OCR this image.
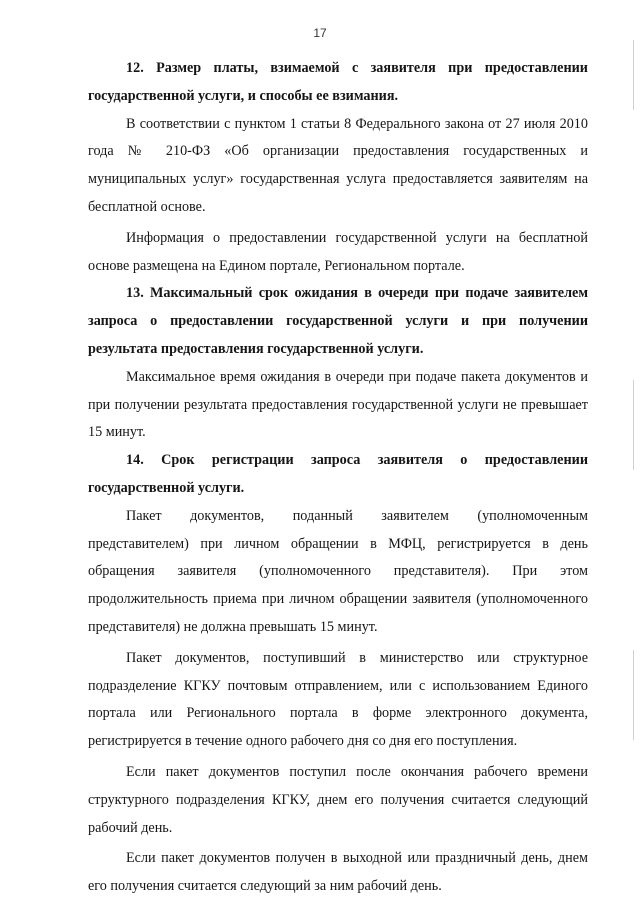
17

12. Размер платы, взимаемой с заявителя при предоставлении государственной услуги, и способы ее взимания.

В соответствии с пунктом 1 статьи 8 Федерального закона от 27 июля 2010 года № 210-ФЗ «Об организации предоставления государственных и муниципальных услуг» государственная услуга предоставляется заявителям на бесплатной основе.

Информация о предоставлении государственной услуги на бесплатной основе размещена на Едином портале, Региональном портале.

13. Максимальный срок ожидания в очереди при подаче заявителем запроса о предоставлении государственной услуги и при получении результата предоставления государственной услуги.

Максимальное время ожидания в очереди при подаче пакета документов и при получении результата предоставления государственной услуги не превышает 15 минут.

14. Срок регистрации запроса заявителя о предоставлении государственной услуги.

Пакет документов, поданный заявителем (уполномоченным представителем) при личном обращении в МФЦ, регистрируется в день обращения заявителя (уполномоченного представителя). При этом продолжительность приема при личном обращении заявителя (уполномоченного представителя) не должна превышать 15 минут.

Пакет документов, поступивший в министерство или структурное подразделение КГКУ почтовым отправлением, или с использованием Единого портала или Регионального портала в форме электронного документа, регистрируется в течение одного рабочего дня со дня его поступления.

Если пакет документов поступил после окончания рабочего времени структурного подразделения КГКУ, днем его получения считается следующий рабочий день.

Если пакет документов получен в выходной или праздничный день, днем его получения считается следующий за ним рабочий день.
